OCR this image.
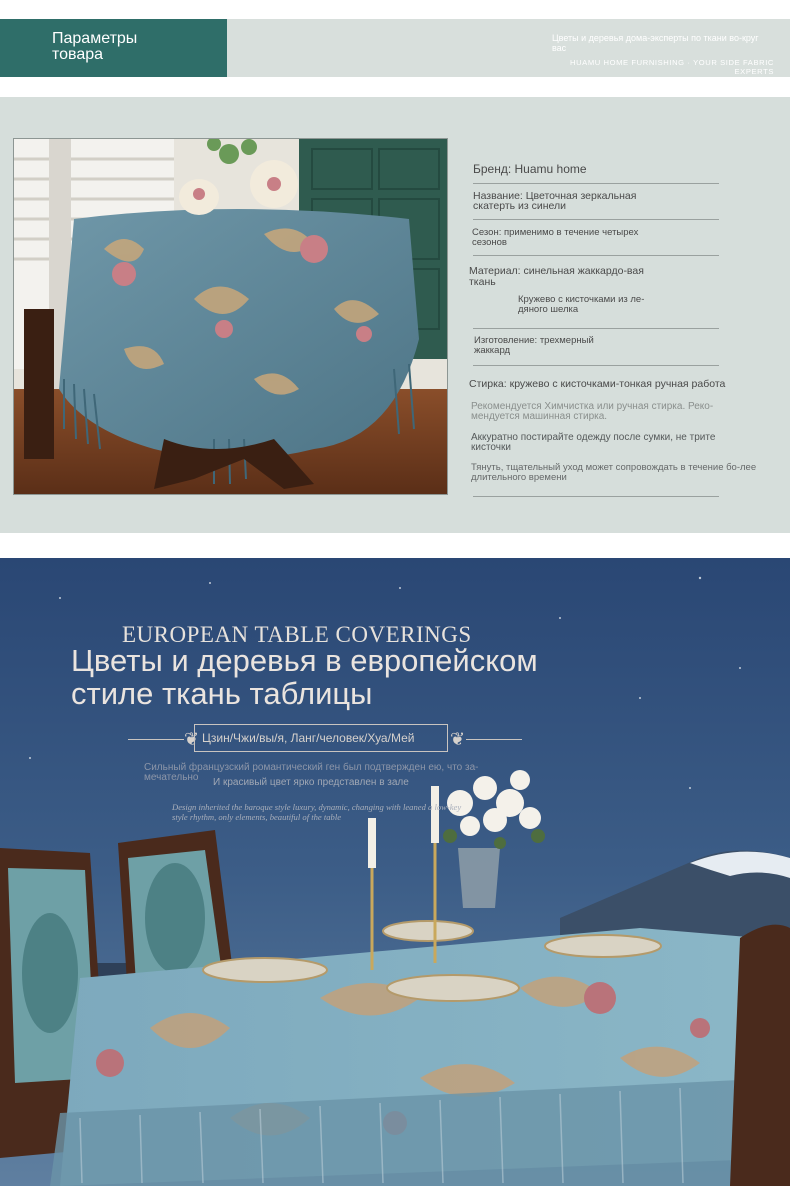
Параметры
товара
Цветы и деревья дома-эксперты по ткани во-круг вас
HUAMU HOME FURNISHING · YOUR SIDE FABRIC EXPERTS
Бренд: Huamu home
Название: Цветочная зеркальная скатерть из синели
Сезон: применимо в течение четырех сезонов
Материал: синельная жаккардо-вая ткань
Кружево с кисточками из ле-дяного шелка
Изготовление: трехмерный жаккард
Стирка: кружево с кисточками-тонкая ручная работа
Рекомендуется Химчистка или ручная стирка. Реко-мендуется машинная стирка.
Аккуратно постирайте одежду после сумки, не трите кисточки
Тянуть, тщательный уход может сопровождать в течение бо-лее длительного времени
EUROPEAN TABLE COVERINGS
Цветы и деревья в европейском стиле ткань таблицы
❦ Цзин/Чжи/вы/я, Ланг/человек/Хуа/Мей ❦
Сильный французский романтический ген был подтвержден ею, что за-мечательно	И красивый цвет ярко представлен в зале
Design inherited the baroque style luxury, dynamic, changing with leaned a low-key style rhythm, only elements, beautiful of the table
